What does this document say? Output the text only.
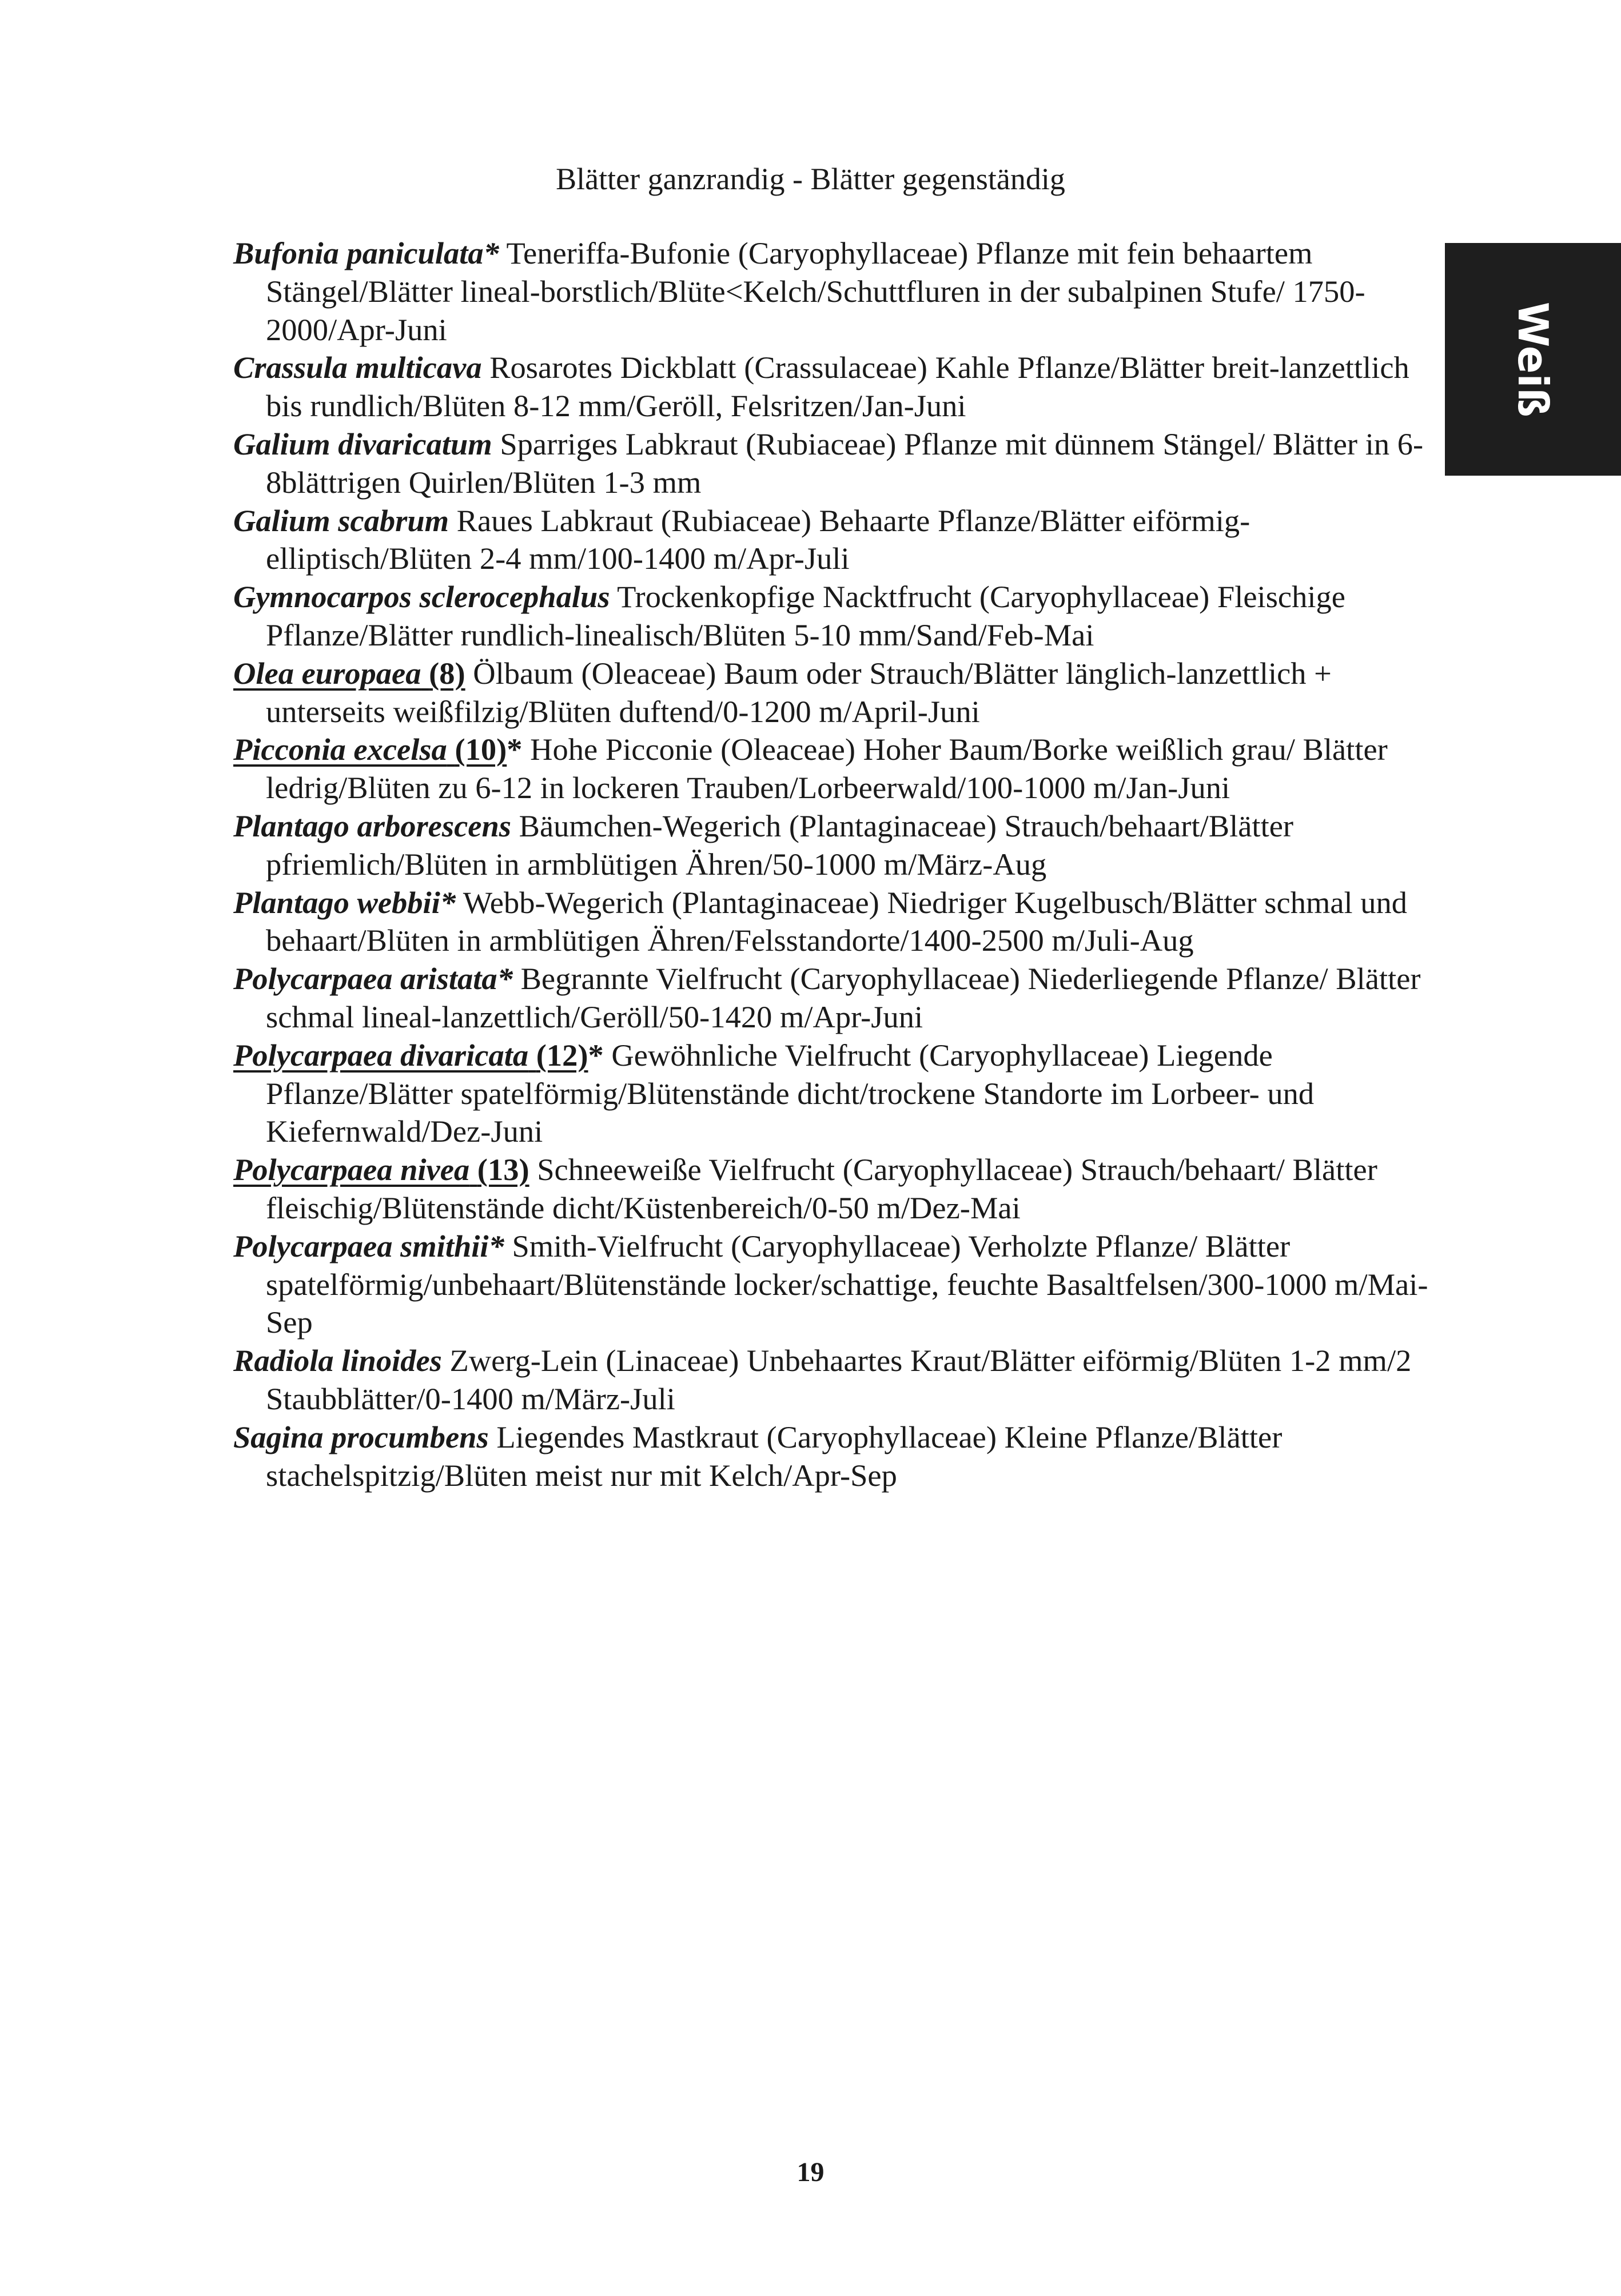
Blätter ganzrandig - Blätter gegenständig
Weiß

Bufonia paniculata* Teneriffa-Bufonie (Caryophyllaceae) Pflanze mit fein behaartem Stängel/Blätter lineal-borstlich/Blüte<Kelch/Schuttfluren in der subalpinen Stufe/ 1750-2000/Apr-Juni

Crassula multicava Rosarotes Dickblatt (Crassulaceae) Kahle Pflanze/Blätter breit-lanzettlich bis rundlich/Blüten 8-12 mm/Geröll, Felsritzen/Jan-Juni

Galium divaricatum Sparriges Labkraut (Rubiaceae) Pflanze mit dünnem Stängel/ Blätter in 6-8blättrigen Quirlen/Blüten 1-3 mm

Galium scabrum Raues Labkraut (Rubiaceae) Behaarte Pflanze/Blätter eiförmig-elliptisch/Blüten 2-4 mm/100-1400 m/Apr-Juli

Gymnocarpos sclerocephalus Trockenkopfige Nacktfrucht (Caryophyllaceae) Fleischige Pflanze/Blätter rundlich-linealisch/Blüten 5-10 mm/Sand/Feb-Mai

Olea europaea (8) Ölbaum (Oleaceae) Baum oder Strauch/Blätter länglich-lanzettlich + unterseits weißfilzig/Blüten duftend/0-1200 m/April-Juni

Picconia excelsa (10)* Hohe Picconie (Oleaceae) Hoher Baum/Borke weißlich grau/ Blätter ledrig/Blüten zu 6-12 in lockeren Trauben/Lorbeerwald/100-1000 m/Jan-Juni

Plantago arborescens Bäumchen-Wegerich (Plantaginaceae) Strauch/behaart/Blätter pfriemlich/Blüten in armblütigen Ähren/50-1000 m/März-Aug

Plantago webbii* Webb-Wegerich (Plantaginaceae) Niedriger Kugelbusch/Blätter schmal und behaart/Blüten in armblütigen Ähren/Felsstandorte/1400-2500 m/Juli-Aug

Polycarpaea aristata* Begrannte Vielfrucht (Caryophyllaceae) Niederliegende Pflanze/ Blätter schmal lineal-lanzettlich/Geröll/50-1420 m/Apr-Juni

Polycarpaea divaricata (12)* Gewöhnliche Vielfrucht (Caryophyllaceae) Liegende Pflanze/Blätter spatelförmig/Blütenstände dicht/trockene Standorte im Lorbeer- und Kiefernwald/Dez-Juni

Polycarpaea nivea (13) Schneeweiße Vielfrucht (Caryophyllaceae) Strauch/behaart/ Blätter fleischig/Blütenstände dicht/Küstenbereich/0-50 m/Dez-Mai

Polycarpaea smithii* Smith-Vielfrucht (Caryophyllaceae) Verholzte Pflanze/ Blätter spatelförmig/unbehaart/Blütenstände locker/schattige, feuchte Basaltfelsen/300-1000 m/Mai-Sep

Radiola linoides Zwerg-Lein (Linaceae) Unbehaartes Kraut/Blätter eiförmig/Blüten 1-2 mm/2 Staubblätter/0-1400 m/März-Juli

Sagina procumbens Liegendes Mastkraut (Caryophyllaceae) Kleine Pflanze/Blätter stachelspitzig/Blüten meist nur mit Kelch/Apr-Sep

19
